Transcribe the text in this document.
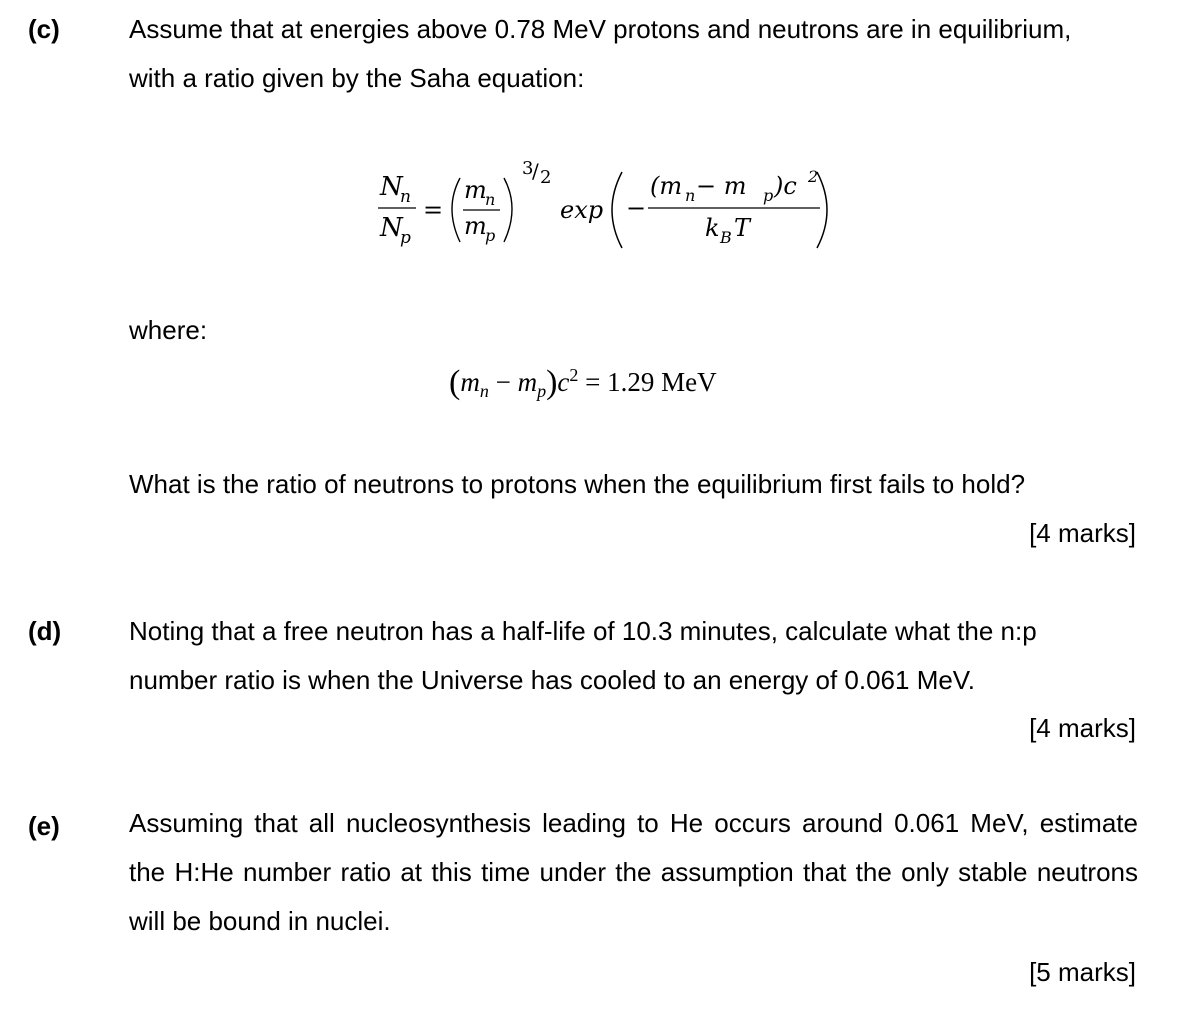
(c)	Assume that at energies above 0.78 MeV protons and neutrons are in equilibrium,
with a ratio given by the Saha equation:
N
n
N
p
=
m
n
m
p
3
/ 2
exp −
(m n − m p )c 2
k B T
where:
$(m_n - m_p)c^2 = 1.29$ MeV
What is the ratio of neutrons to protons when the equilibrium first fails to hold?
[4 marks]
(d)	Noting that a free neutron has a half-life of 10.3 minutes, calculate what the n:p
number ratio is when the Universe has cooled to an energy of 0.061 MeV.
[4 marks]
(e)	Assuming that all nucleosynthesis leading to He occurs around 0.061 MeV, estimate the H:He number ratio at this time under the assumption that the only stable neutrons will be bound in nuclei.
[5 marks]
